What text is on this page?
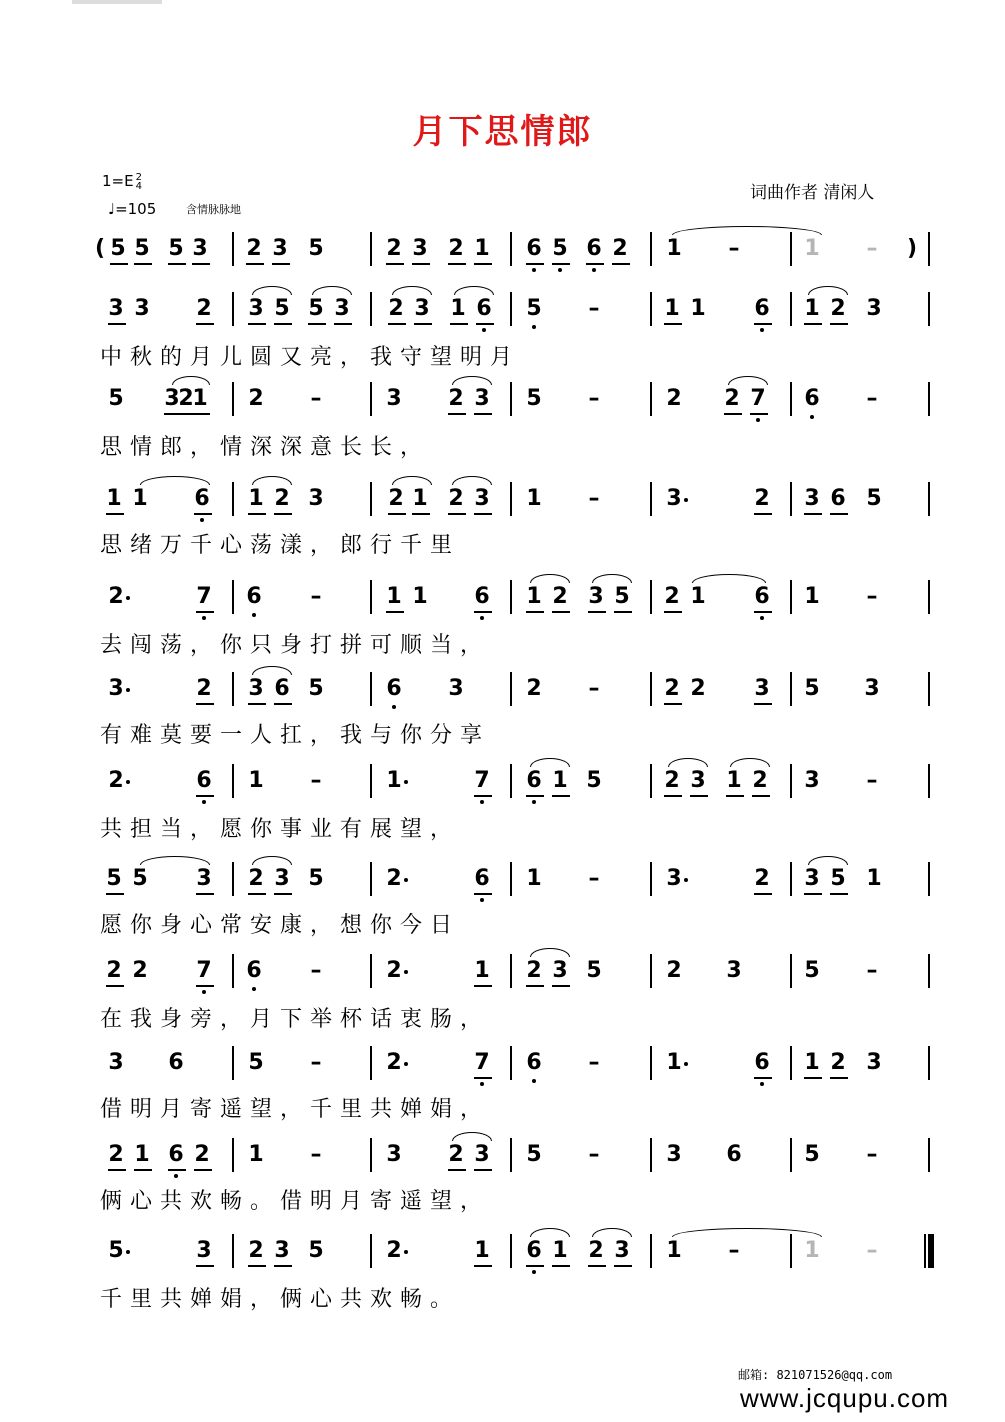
月下思情郎
1=E 2
4
♩=105	含情脉脉地
词曲作者 清闲人
( 5 5 5 3 2 3 5	2 3 2 1 6 5 6 2 1 –	1 – )
3 3 2 3 5 5 3 2 3 1 6 5 –	1 1 6 1 2 3
5 3
2
1 2 –	3 2 3 5 –	2 2 7 6 –
1 1 6 1 2 3	2 1 2 3 1 –	3	2 3 6 5
2	7 6 –	1 1 6 1 2 3 5 2 1 6 1 –
3	2 3 6 5	6 3	2 –	2 2 3 5 3
2	6 1 –	1	7 6 1 5	2 3 1 2 3 –
5 5 3 2 3 5	2	6 1 –	3	2 3 5 1
2 2 7 6 –	2	1 2 3 5	2 3	5 –
3 6	5 –	2	7 6 –	1	6 1 2 3
2 1 6 2 1 –	3 2 3 5 –	3 6	5 –
5	3 2 3 5	2	1 6 1 2 3 1 –	1 –
中秋的月儿圆又亮，我守望明月
思情郎，情深深意长长，
思绪万千心荡漾，郎行千里
去闯荡，你只身打拼可顺当，
有难莫要一人扛，我与你分享
共担当，愿你事业有展望，
愿你身心常安康，想你今日
在我身旁，月下举杯话衷肠，
借明月寄遥望，千里共婵娟，
俩心共欢畅。借明月寄遥望，
千里共婵娟，俩心共欢畅。
邮箱: 821071526@qq.com
www.jcqupu.com
